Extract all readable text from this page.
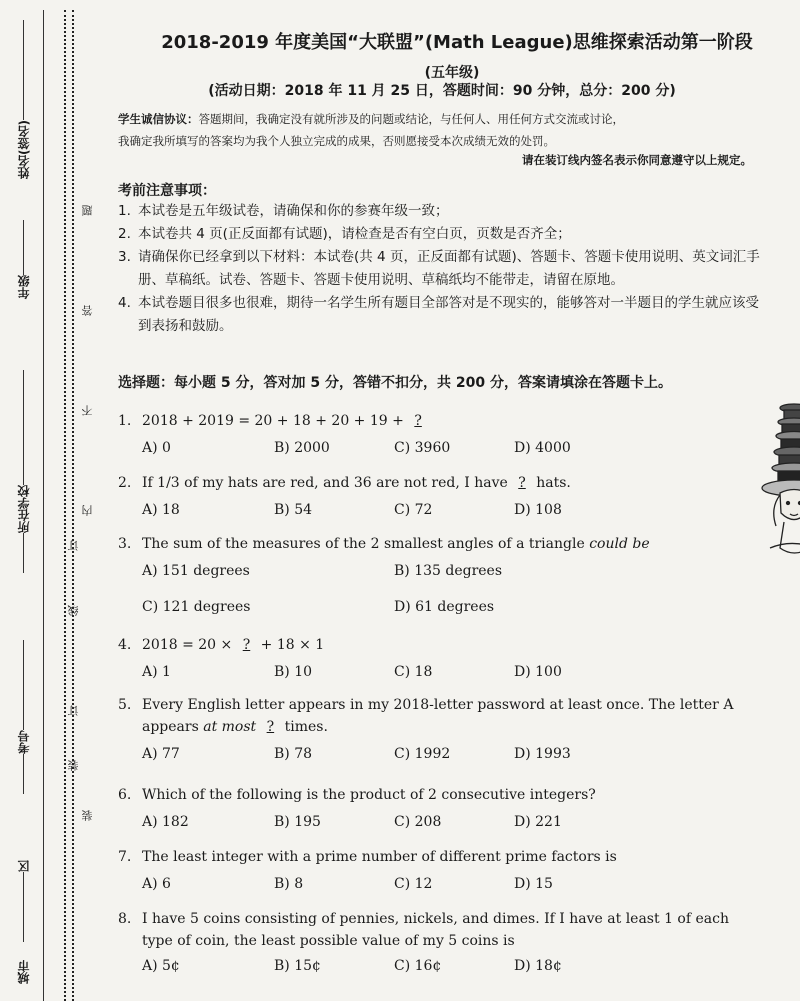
姓名(签名)
年级
所在学校
考号
区
城市
题
答
不
内
订
线
订
装
装
2018-2019 年度美国“大联盟”(Math League)思维探索活动第一阶段
(五年级)
(活动日期：2018 年 11 月 25 日，答题时间：90 分钟，总分：200 分)
学生诚信协议：答题期间，我确定没有就所涉及的问题或结论，与任何人、用任何方式交流或讨论，
我确定我所填写的答案均为我个人独立完成的成果，否则愿接受本次成绩无效的处罚。
请在装订线内签名表示你同意遵守以上规定。
考前注意事项：
1. 本试卷是五年级试卷，请确保和你的参赛年级一致；
2. 本试卷共 4 页(正反面都有试题)，请检查是否有空白页，页数是否齐全；
3. 请确保你已经拿到以下材料：本试卷(共 4 页，正反面都有试题)、答题卡、答题卡使用说明、英文词汇手册、草稿纸。试卷、答题卡、答题卡使用说明、草稿纸均不能带走，请留在原地。
4. 本试卷题目很多也很难，期待一名学生所有题目全部答对是不现实的，能够答对一半题目的学生就应该受到表扬和鼓励。
选择题：每小题 5 分，答对加 5 分，答错不扣分，共 200 分，答案请填涂在答题卡上。
1. 2018 + 2019 = 20 + 18 + 20 + 19 + ?
A) 0	B) 2000	C) 3960	D) 4000
2. If 1/3 of my hats are red, and 36 are not red, I have ? hats.
A) 18	B) 54	C) 72	D) 108
3. The sum of the measures of the 2 smallest angles of a triangle could be
A) 151 degrees	B) 135 degrees
C) 121 degrees	D) 61 degrees
4. 2018 = 20 × ? + 18 × 1
A) 1	B) 10	C) 18	D) 100
5. Every English letter appears in my 2018-letter password at least once. The letter A appears at most ? times.
A) 77	B) 78	C) 1992	D) 1993
6. Which of the following is the product of 2 consecutive integers?
A) 182	B) 195	C) 208	D) 221
7. The least integer with a prime number of different prime factors is
A) 6	B) 8	C) 12	D) 15
8. I have 5 coins consisting of pennies, nickels, and dimes. If I have at least 1 of each type of coin, the least possible value of my 5 coins is
A) 5¢	B) 15¢	C) 16¢	D) 18¢
